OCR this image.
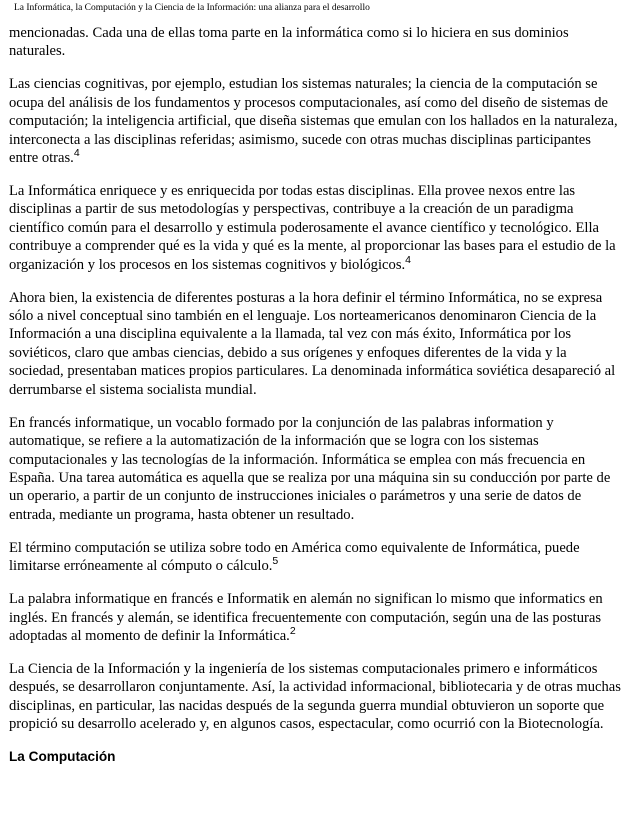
La Informática, la Computación y la Ciencia de la Información: una alianza para el desarrollo

mencionadas. Cada una de ellas toma parte en la informática como si lo hiciera en sus dominios naturales.

Las ciencias cognitivas, por ejemplo, estudian los sistemas naturales; la ciencia de la computación se ocupa del análisis de los fundamentos y procesos computacionales, así como del diseño de sistemas de computación; la inteligencia artificial, que diseña sistemas que emulan con los hallados en la naturaleza, interconecta a las disciplinas referidas; asimismo, sucede con otras muchas disciplinas participantes entre otras.$^4$

La Informática enriquece y es enriquecida por todas estas disciplinas. Ella provee nexos entre las disciplinas a partir de sus metodologías y perspectivas, contribuye a la creación de un paradigma científico común para el desarrollo y estimula poderosamente el avance científico y tecnológico. Ella contribuye a comprender qué es la vida y qué es la mente, al proporcionar las bases para el estudio de la organización y los procesos en los sistemas cognitivos y biológicos.$^4$

Ahora bien, la existencia de diferentes posturas a la hora definir el término Informática, no se expresa sólo a nivel conceptual sino también en el lenguaje. Los norteamericanos denominaron Ciencia de la Información a una disciplina equivalente a la llamada, tal vez con más éxito, Informática por los soviéticos, claro que ambas ciencias, debido a sus orígenes y enfoques diferentes de la vida y la sociedad, presentaban matices propios particulares. La denominada informática soviética desapareció al derrumbarse el sistema socialista mundial.

En francés informatique, un vocablo formado por la conjunción de las palabras information y automatique, se refiere a la automatización de la información que se logra con los sistemas computacionales y las tecnologías de la información. Informática se emplea con más frecuencia en España. Una tarea automática es aquella que se realiza por una máquina sin su conducción por parte de un operario, a partir de un conjunto de instrucciones iniciales o parámetros y una serie de datos de entrada, mediante un programa, hasta obtener un resultado.

El término computación se utiliza sobre todo en América como equivalente de Informática, puede limitarse erróneamente al cómputo o cálculo.$^5$

La palabra informatique en francés e Informatik en alemán no significan lo mismo que informatics en inglés. En francés y alemán, se identifica frecuentemente con computación, según una de las posturas adoptadas al momento de definir la Informática.$^2$

La Ciencia de la Información y la ingeniería de los sistemas computacionales primero e informáticos después, se desarrollaron conjuntamente. Así, la actividad informacional, bibliotecaria y de otras muchas disciplinas, en particular, las nacidas después de la segunda guerra mundial obtuvieron un soporte que propició su desarrollo acelerado y, en algunos casos, espectacular, como ocurrió con la Biotecnología.

La Computación
